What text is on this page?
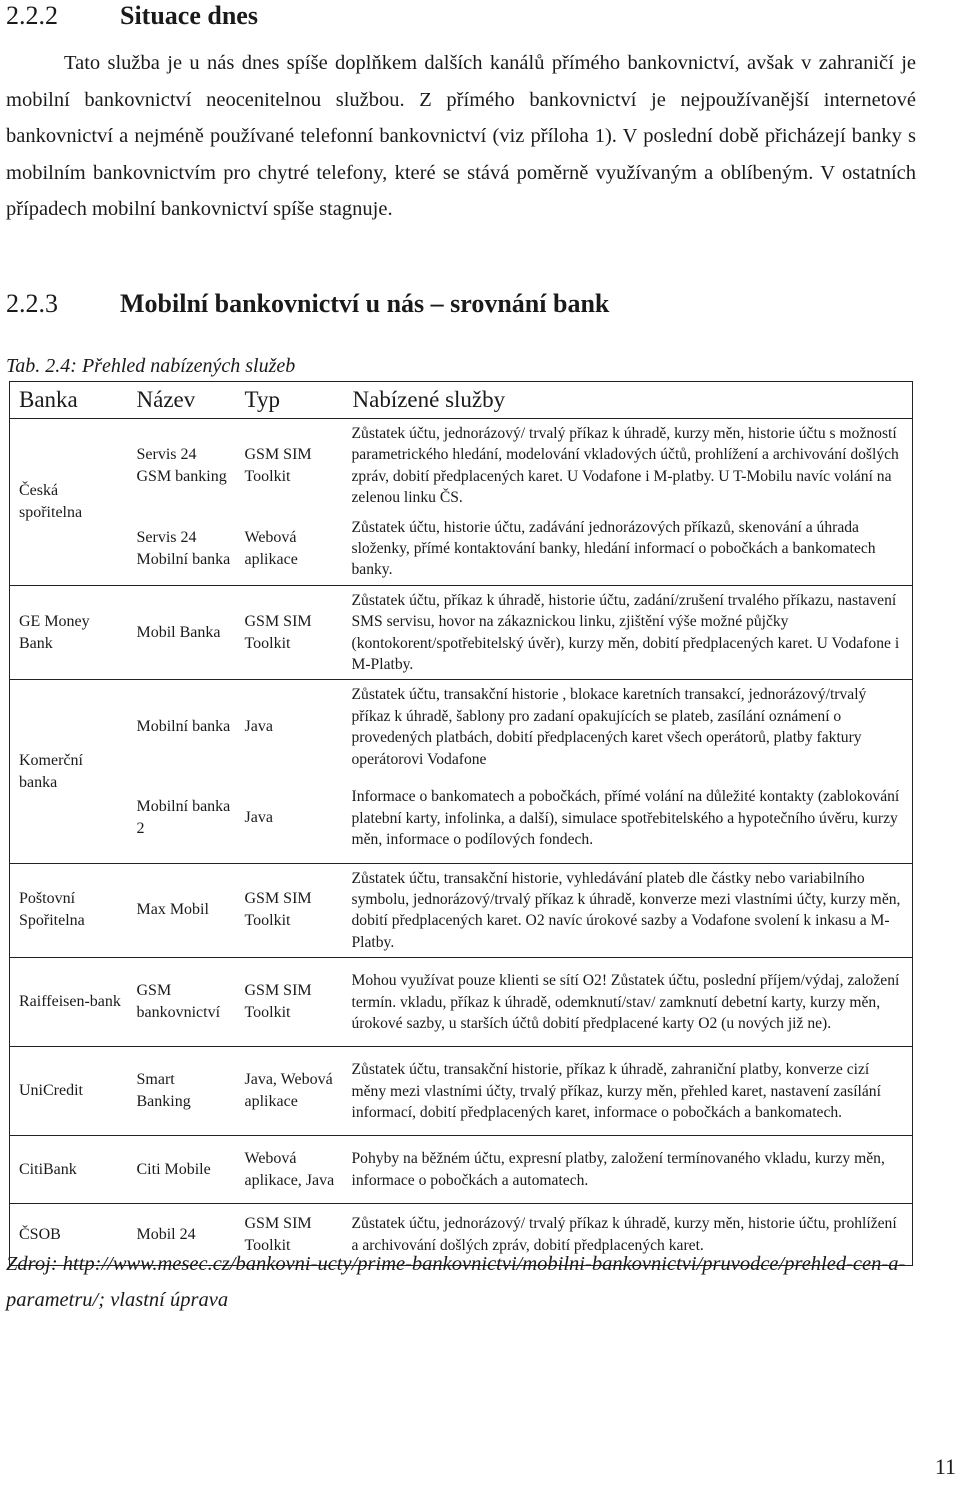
2.2.2 Situace dnes

Tato služba je u nás dnes spíše doplňkem dalších kanálů přímého bankovnictví, avšak v zahraničí je mobilní bankovnictví neocenitelnou službou. Z přímého bankovnictví je nejpoužívanější internetové bankovnictví a nejméně používané telefonní bankovnictví (viz příloha 1). V poslední době přicházejí banky s mobilním bankovnictvím pro chytré telefony, které se stává poměrně využívaným a oblíbeným. V ostatních případech mobilní bankovnictví spíše stagnuje.

2.2.3 Mobilní bankovnictví u nás – srovnání bank

Tab. 2.4: Přehled nabízených služeb

Banka	Název	Typ	Nabízené služby
Česká spořitelna	Servis 24 GSM banking	GSM SIM Toolkit	Zůstatek účtu, jednorázový/ trvalý příkaz k úhradě, kurzy měn, historie účtu s možností parametrického hledání, modelování vkladových účtů, prohlížení a archivování došlých zpráv, dobití předplacených karet. U Vodafone i M-platby. U T-Mobilu navíc volání na zelenou linku ČS.
	Servis 24 Mobilní banka	Webová aplikace	Zůstatek účtu, historie účtu, zadávání jednorázových příkazů, skenování a úhrada složenky, přímé kontaktování banky, hledání informací o pobočkách a bankomatech banky.
GE Money Bank	Mobil Banka	GSM SIM Toolkit	Zůstatek účtu, příkaz k úhradě, historie účtu, zadání/zrušení trvalého příkazu, nastavení SMS servisu, hovor na zákaznickou linku, zjištění výše možné půjčky (kontokorent/spotřebitelský úvěr), kurzy měn, dobití předplacených karet. U Vodafone i M-Platby.
Komerční banka	Mobilní banka	Java	Zůstatek účtu, transakční historie , blokace karetních transakcí, jednorázový/trvalý příkaz k úhradě, šablony pro zadaní opakujících se plateb, zasílání oznámení o provedených platbách, dobití předplacených karet všech operátorů, platby faktury operátorovi Vodafone
	Mobilní banka 2	Java	Informace o bankomatech a pobočkách, přímé volání na důležité kontakty (zablokování platební karty, infolinka, a další), simulace spotřebitelského a hypotečního úvěru, kurzy měn, informace o podílových fondech.
Poštovní Spořitelna	Max Mobil	GSM SIM Toolkit	Zůstatek účtu, transakční historie, vyhledávání plateb dle částky nebo variabilního symbolu, jednorázový/trvalý příkaz k úhradě, konverze mezi vlastními účty, kurzy měn, dobití předplacených karet. O2 navíc úrokové sazby a Vodafone svolení k inkasu a M-Platby.
Raiffeisen-bank	GSM bankovnictví	GSM SIM Toolkit	Mohou využívat pouze klienti se sítí O2! Zůstatek účtu, poslední příjem/výdaj, založení termín. vkladu, příkaz k úhradě, odemknutí/stav/ zamknutí debetní karty, kurzy měn, úrokové sazby, u starších účtů dobití předplacené karty O2 (u nových již ne).
UniCredit	Smart Banking	Java, Webová aplikace	Zůstatek účtu, transakční historie, příkaz k úhradě, zahraniční platby, konverze cizí měny mezi vlastními účty, trvalý příkaz, kurzy měn, přehled karet, nastavení zasílání informací, dobití předplacených karet, informace o pobočkách a bankomatech.
CitiBank	Citi Mobile	Webová aplikace, Java	Pohyby na běžném účtu, expresní platby, založení termínovaného vkladu, kurzy měn, informace o pobočkách a automatech.
ČSOB	Mobil 24	GSM SIM Toolkit	Zůstatek účtu, jednorázový/ trvalý příkaz k úhradě, kurzy měn, historie účtu, prohlížení a archivování došlých zpráv, dobití předplacených karet.

Zdroj: http://www.mesec.cz/bankovni-ucty/prime-bankovnictvi/mobilni-bankovnictvi/pruvodce/prehled-cen-a-parametru/; vlastní úprava

11
